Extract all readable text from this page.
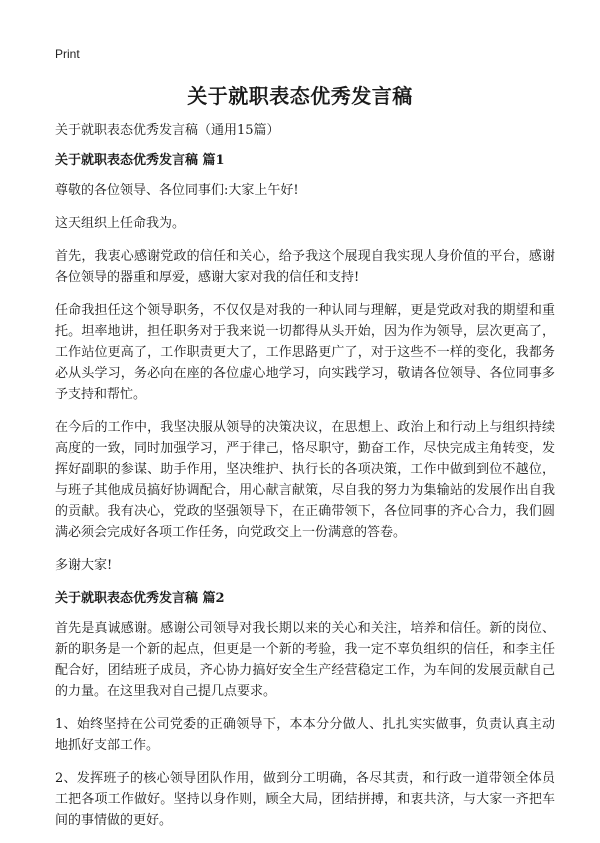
Print
关于就职表态优秀发言稿

关于就职表态优秀发言稿（通用15篇）

关于就职表态优秀发言稿 篇1

尊敬的各位领导、各位同事们:大家上午好!

这天组织上任命我为。

首先，我衷心感谢党政的信任和关心，给予我这个展现自我实现人身价值的平台，感谢各位领导的器重和厚爱，感谢大家对我的信任和支持!

任命我担任这个领导职务，不仅仅是对我的一种认同与理解，更是党政对我的期望和重托。坦率地讲，担任职务对于我来说一切都得从头开始，因为作为领导，层次更高了，工作站位更高了，工作职责更大了，工作思路更广了，对于这些不一样的变化，我都务必从头学习，务必向在座的各位虚心地学习，向实践学习，敬请各位领导、各位同事多予支持和帮忙。

在今后的工作中，我坚决服从领导的决策决议，在思想上、政治上和行动上与组织持续高度的一致，同时加强学习，严于律己，恪尽职守，勤奋工作，尽快完成主角转变，发挥好副职的参谋、助手作用，坚决维护、执行长的各项决策，工作中做到到位不越位，与班子其他成员搞好协调配合，用心献言献策，尽自我的努力为集输站的发展作出自我的贡献。我有决心，党政的坚强领导下，在正确带领下，各位同事的齐心合力，我们圆满必须会完成好各项工作任务，向党政交上一份满意的答卷。

多谢大家!

关于就职表态优秀发言稿 篇2

首先是真诚感谢。感谢公司领导对我长期以来的关心和关注，培养和信任。新的岗位、新的职务是一个新的起点，但更是一个新的考验，我一定不辜负组织的信任，和李主任配合好，团结班子成员，齐心协力搞好安全生产经营稳定工作，为车间的发展贡献自己的力量。在这里我对自己提几点要求。

1、始终坚持在公司党委的正确领导下，本本分分做人、扎扎实实做事，负责认真主动地抓好支部工作。

2、发挥班子的核心领导团队作用，做到分工明确，各尽其责，和行政一道带领全体员工把各项工作做好。坚持以身作则，顾全大局，团结拼搏，和衷共济，与大家一齐把车间的事情做的更好。
